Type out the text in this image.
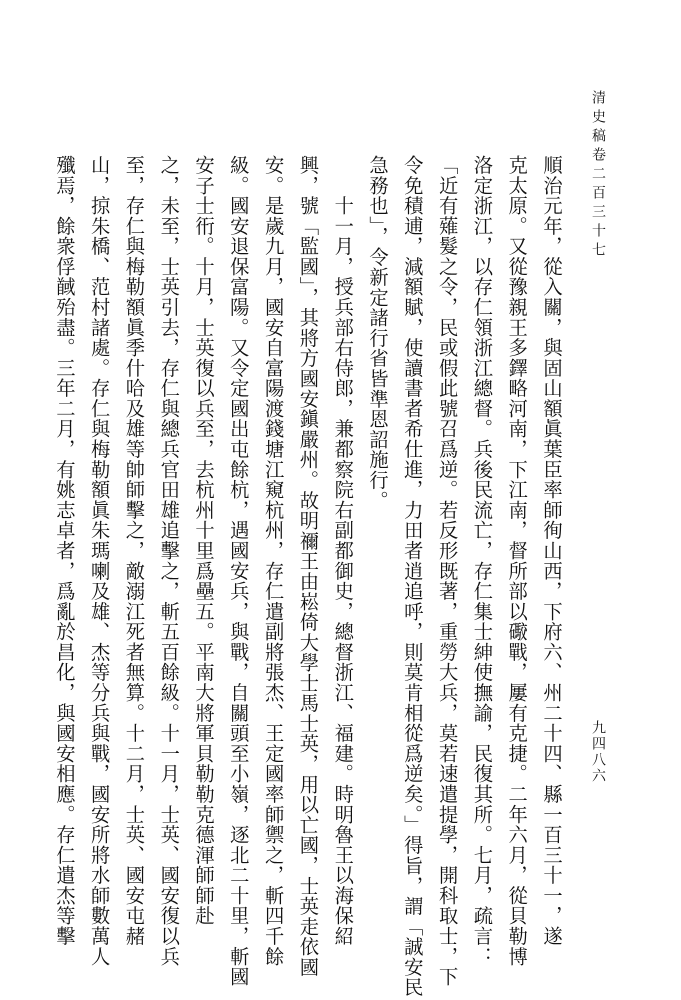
清史稿卷二百三十七
九四八六
順治元年，從入關，與固山額眞葉臣率師徇山西，下府六、州二十四、縣一百三十一，遂
克太原。又從豫親王多鐸略河南，下江南，督所部以礮戰，屢有克捷。二年六月，從貝勒博
洛定浙江，以存仁領浙江總督。兵後民流亡，存仁集士紳使撫諭，民復其所。七月，疏言：
「近有薙髮之令，民或假此號召爲逆。若反形既著，重勞大兵，莫若速遣提學，開科取士，下
令免積逋，減額賦，使讀書者希仕進，力田者逍追呼，則莫肯相從爲逆矣。」得旨，謂「誠安民
急務也」，令新定諸行省皆準恩詔施行。
　　十一月，授兵部右侍郎，兼都察院右副都御史，總督浙江、福建。時明魯王以海保紹
興，號「監國」，其將方國安鎭嚴州。故明禰王由崧倚大學士馬士英，用以亡國，士英走依國
安。是歲九月，國安自富陽渡錢塘江窺杭州，存仁遣副將張杰、王定國率師禦之，斬四千餘
級。國安退保富陽。又令定國出屯餘杭，遇國安兵，與戰，自關頭至小嶺，逐北二十里，斬國
安子士衎。十月，士英復以兵至，去杭州十里爲壘五。平南大將軍貝勒勒克德渾師師赴
之，未至，士英引去，存仁與總兵官田雄追擊之，斬五百餘級。十一月，士英、國安復以兵
至，存仁與梅勒額眞季什哈及雄等帥師擊之，敵溺江死者無算。十二月，士英、國安屯赭
山，掠朱橋、范村諸處。存仁與梅勒額眞朱瑪喇及雄、杰等分兵與戰，國安所將水師數萬人
殲焉，餘衆俘馘殆盡。三年二月，有姚志卓者，爲亂於昌化，與國安相應。存仁遣杰等擊
